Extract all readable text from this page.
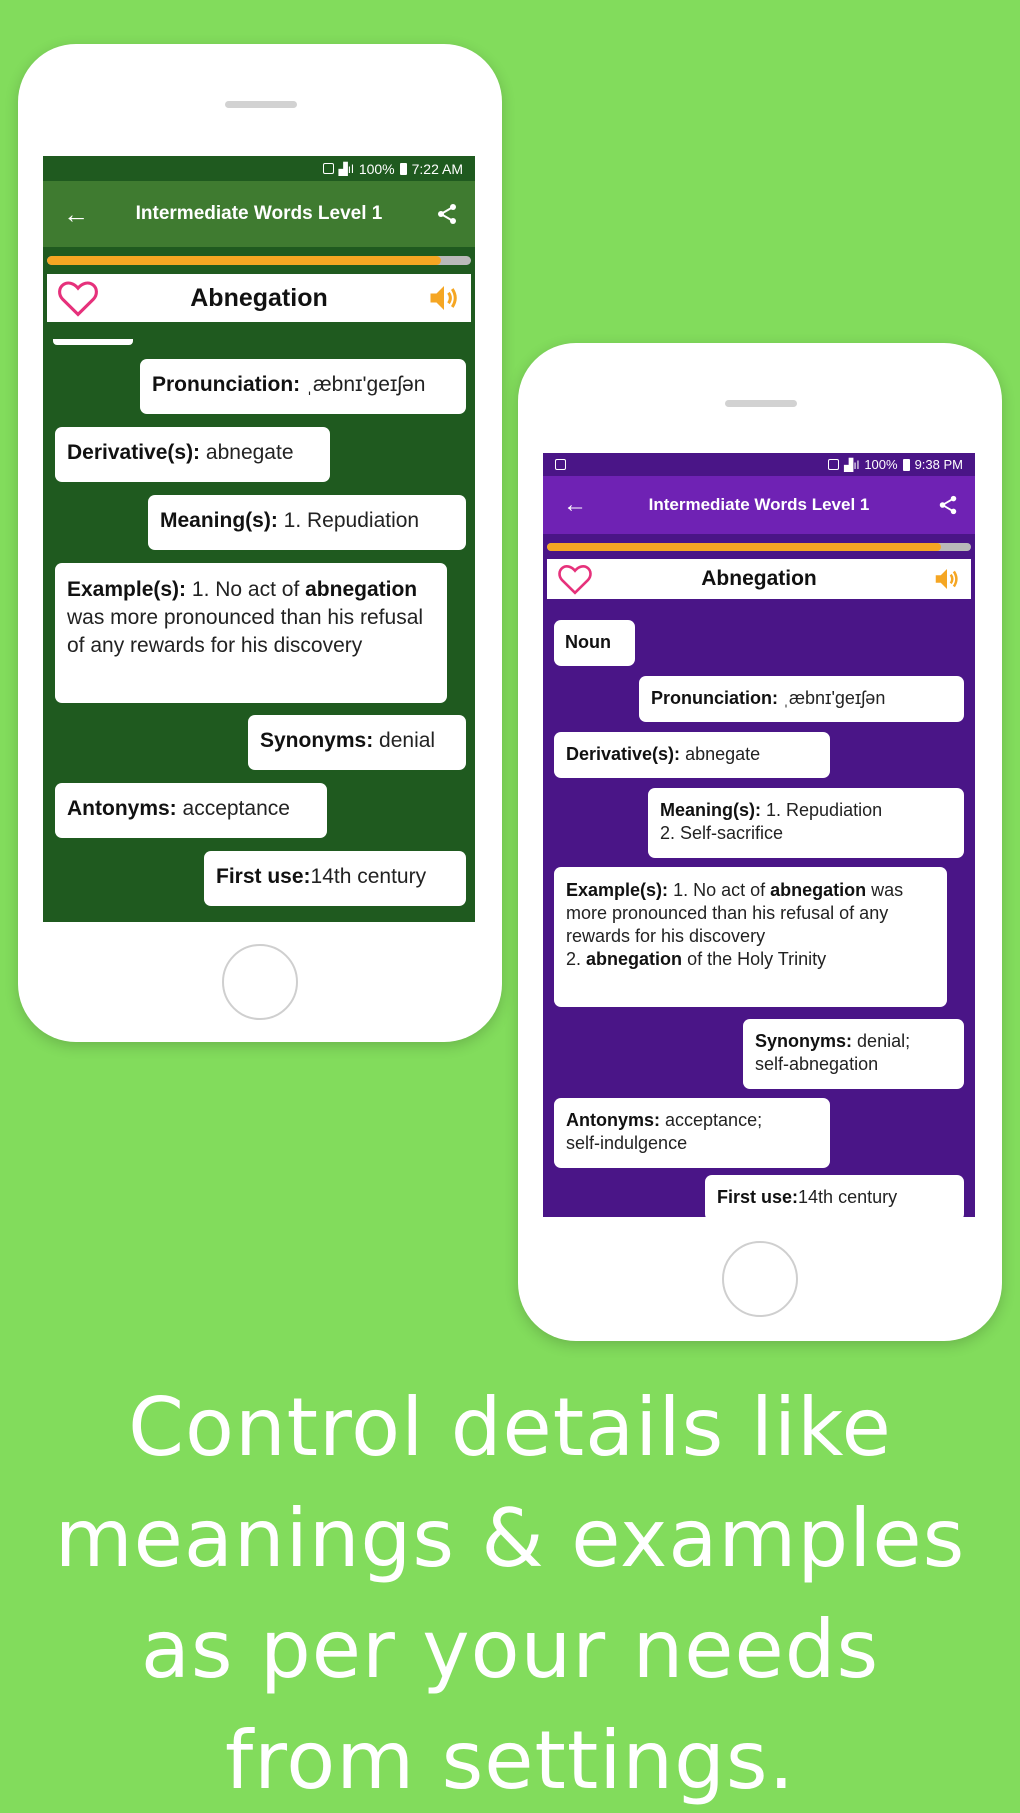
▟ıl 100% 7:22 AM
←	Intermediate Words Level 1
Abnegation
Pronunciation: ˌæbnɪ'geɪʃən
Derivative(s): abnegate
Meaning(s): 1. Repudiation
Example(s): 1. No act of abnegation was more pronounced than his refusal of any rewards for his discovery
Synonyms: denial
Antonyms: acceptance
First use:14th century
▟ıl 100% 9:38 PM
←	Intermediate Words Level 1
Abnegation
Noun
Pronunciation: ˌæbnɪ'geɪʃən
Derivative(s): abnegate
Meaning(s): 1. Repudiation
2. Self-sacrifice
Example(s): 1. No act of abnegation was more pronounced than his refusal of any rewards for his discovery
2. abnegation of the Holy Trinity
Synonyms: denial;
self-abnegation
Antonyms: acceptance;
self-indulgence
First use:14th century
Control details like
meanings & examples
as per your needs
from settings.
